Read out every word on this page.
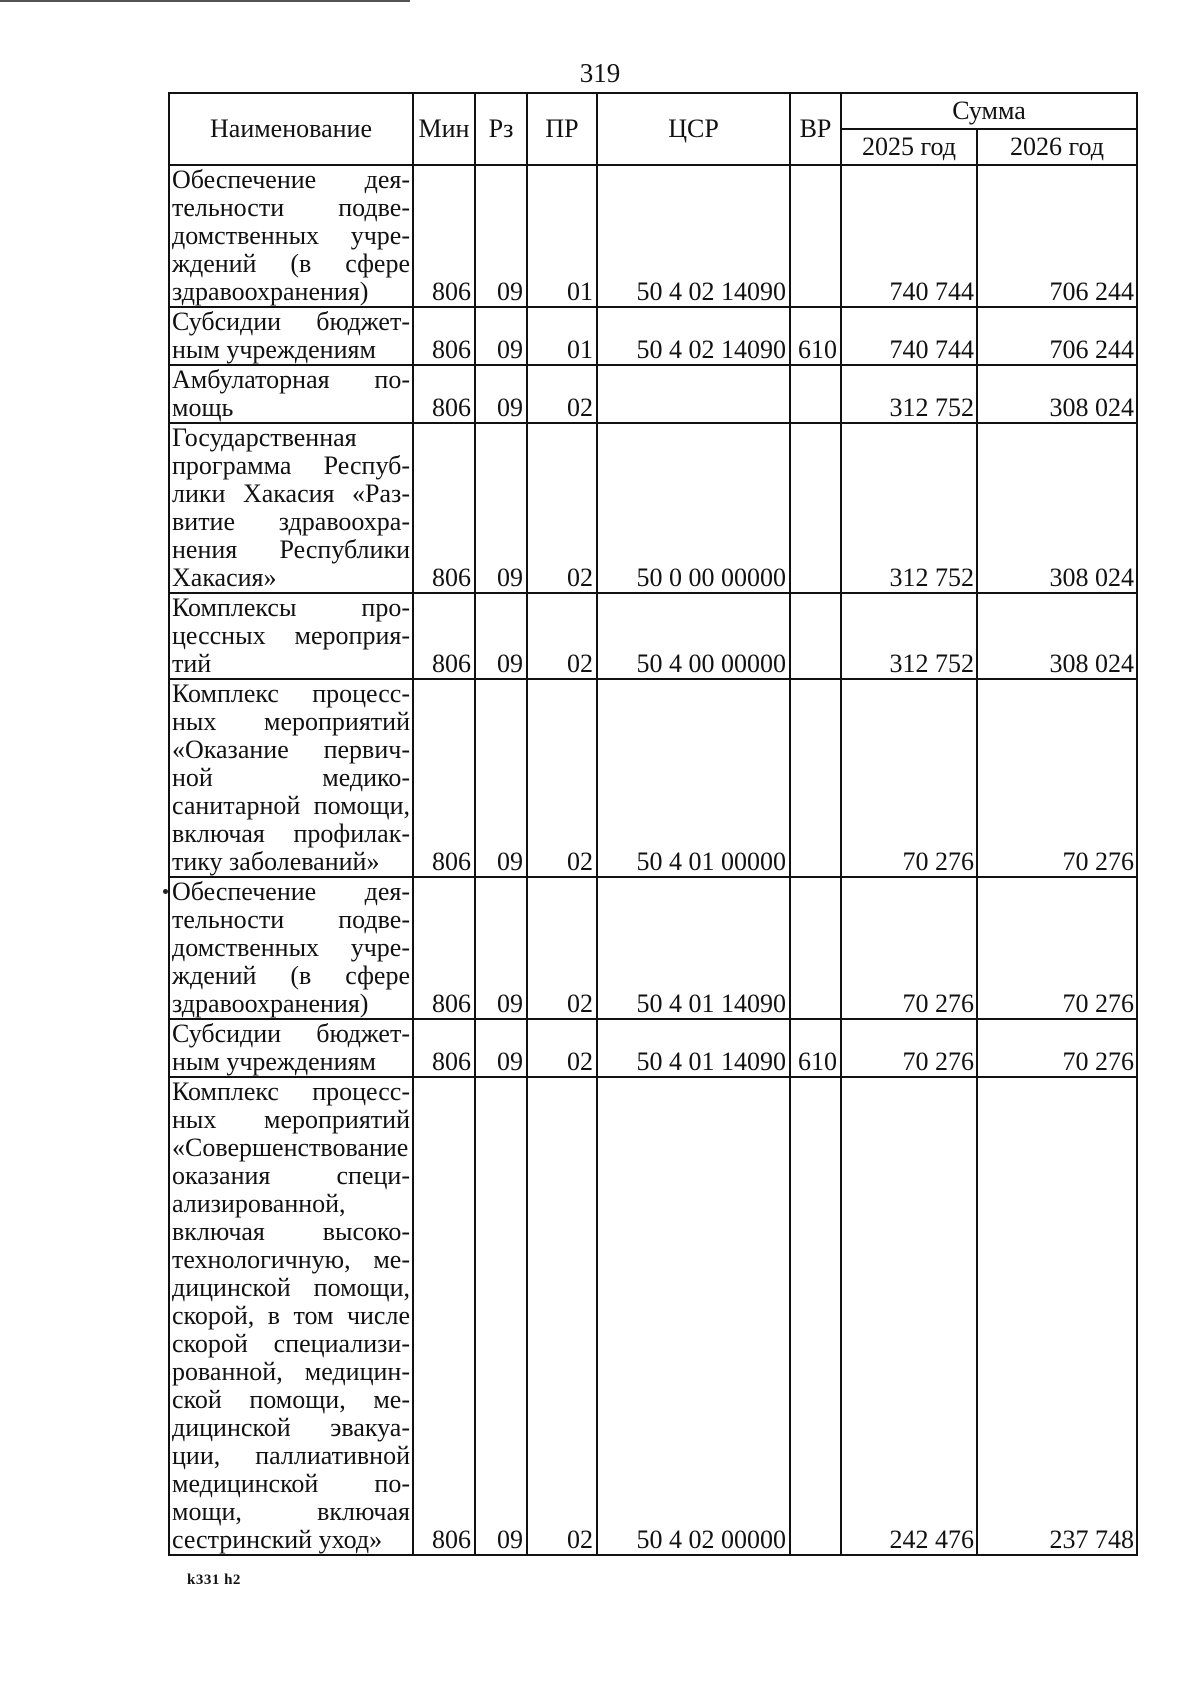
319
Наименование	Мин	Рз	ПР	ЦСР	ВР	Сумма	
						2025 год	2026 год
Обеспечение деятельности подведомственных учреждений (в сфере здравоохранения)	806	09	01	50 4 02 14090		740 744	706 244
Субсидии бюджетным учреждениям	806	09	01	50 4 02 14090	610	740 744	706 244
Амбулаторная помощь	806	09	02			312 752	308 024
Государственная программа Республики Хакасия «Развитие здравоохранения Республики Хакасия»	806	09	02	50 0 00 00000		312 752	308 024
Комплексы процессных мероприятий	806	09	02	50 4 00 00000		312 752	308 024
Комплекс процессных мероприятий «Оказание первичной медико-санитарной помощи, включая профилактику заболеваний»	806	09	02	50 4 01 00000		70 276	70 276
Обеспечение деятельности подведомственных учреждений (в сфере здравоохранения)	806	09	02	50 4 01 14090		70 276	70 276
Субсидии бюджетным учреждениям	806	09	02	50 4 01 14090	610	70 276	70 276
Комплекс процессных мероприятий «Совершенствование оказания специализированной, включая высокотехнологичную, медицинской помощи, скорой, в том числе скорой специализированной, медицинской помощи, медицинской эвакуации, паллиативной медицинской помощи, включая сестринский уход»	806	09	02	50 4 02 00000		242 476	237 748
k331 h2
